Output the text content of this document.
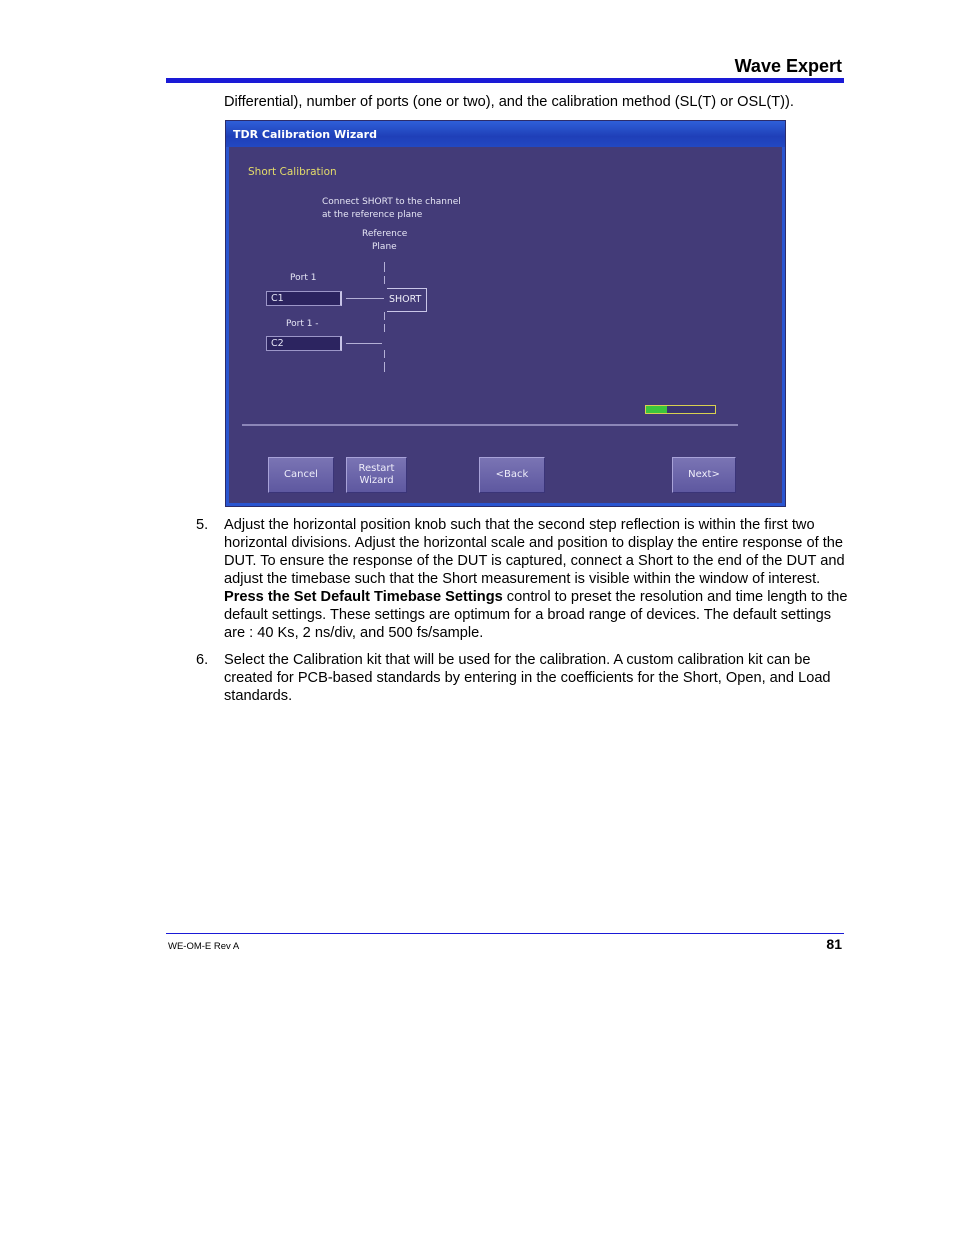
Wave Expert
Differential), number of ports (one or two), and the calibration method (SL(T) or OSL(T)).
TDR Calibration Wizard
Short Calibration
Connect SHORT to the channel
at the reference plane
Reference
Plane
Port 1
C1	SHORT
Port 1 -
C2
Cancel
Restart
Wizard
<Back	Next>
5.	Adjust the horizontal position knob such that the second step reflection is within the first two horizontal divisions. Adjust the horizontal scale and position to display the entire response of the DUT. To ensure the response of the DUT is captured, connect a Short to the end of the DUT and adjust the timebase such that the Short measurement is visible within the window of interest. Press the Set Default Timebase Settings control to preset the resolution and time length to the default settings. These settings are optimum for a broad range of devices. The default settings are : 40 Ks, 2 ns/div, and 500 fs/sample.
6.	Select the Calibration kit that will be used for the calibration. A custom calibration kit can be created for PCB-based standards by entering in the coefficients for the Short, Open, and Load standards.
WE-OM-E Rev A	81
